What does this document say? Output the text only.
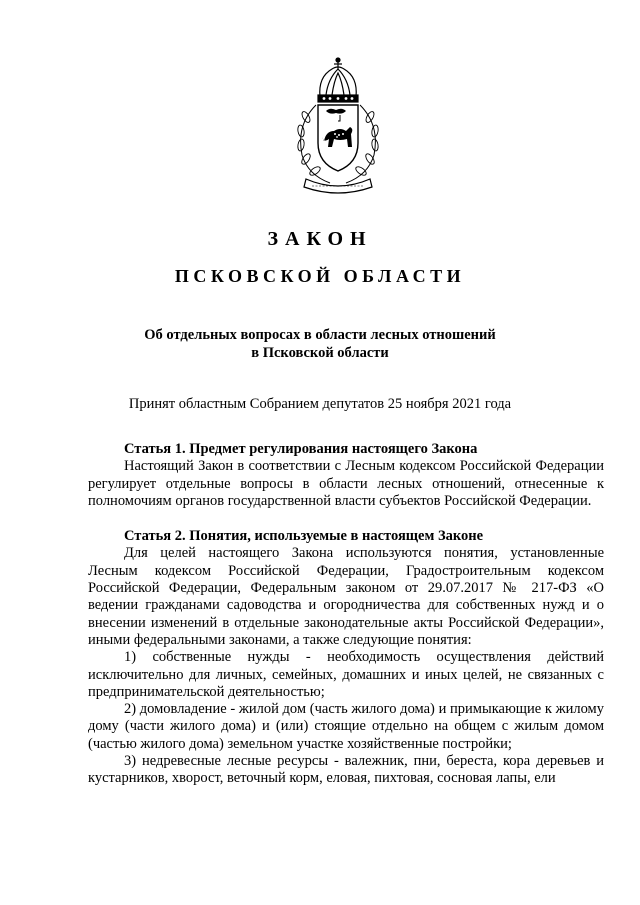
ЗАКОН
ПСКОВСКОЙ ОБЛАСТИ
Об отдельных вопросах в области лесных отношений
в Псковской области
Принят областным Собранием депутатов 25 ноября 2021 года
Статья 1. Предмет регулирования настоящего Закона

Настоящий Закон в соответствии с Лесным кодексом Российской Федерации регулирует отдельные вопросы в области лесных отношений, отнесенные к полномочиям органов государственной власти субъектов Российской Федерации.

Статья 2. Понятия, используемые в настоящем Законе

Для целей настоящего Закона используются понятия, установленные Лесным кодексом Российской Федерации, Градостроительным кодексом Российской Федерации, Федеральным законом от 29.07.2017 № 217-ФЗ «О ведении гражданами садоводства и огородничества для собственных нужд и о внесении изменений в отдельные законодательные акты Российской Федерации», иными федеральными законами, а также следующие понятия:

1) собственные нужды - необходимость осуществления действий исключительно для личных, семейных, домашних и иных целей, не связанных с предпринимательской деятельностью;

2) домовладение - жилой дом (часть жилого дома) и примыкающие к жилому дому (части жилого дома) и (или) стоящие отдельно на общем с жилым домом (частью жилого дома) земельном участке хозяйственные постройки;

3) недревесные лесные ресурсы - валежник, пни, береста, кора деревьев и кустарников, хворост, веточный корм, еловая, пихтовая, сосновая лапы, ели
